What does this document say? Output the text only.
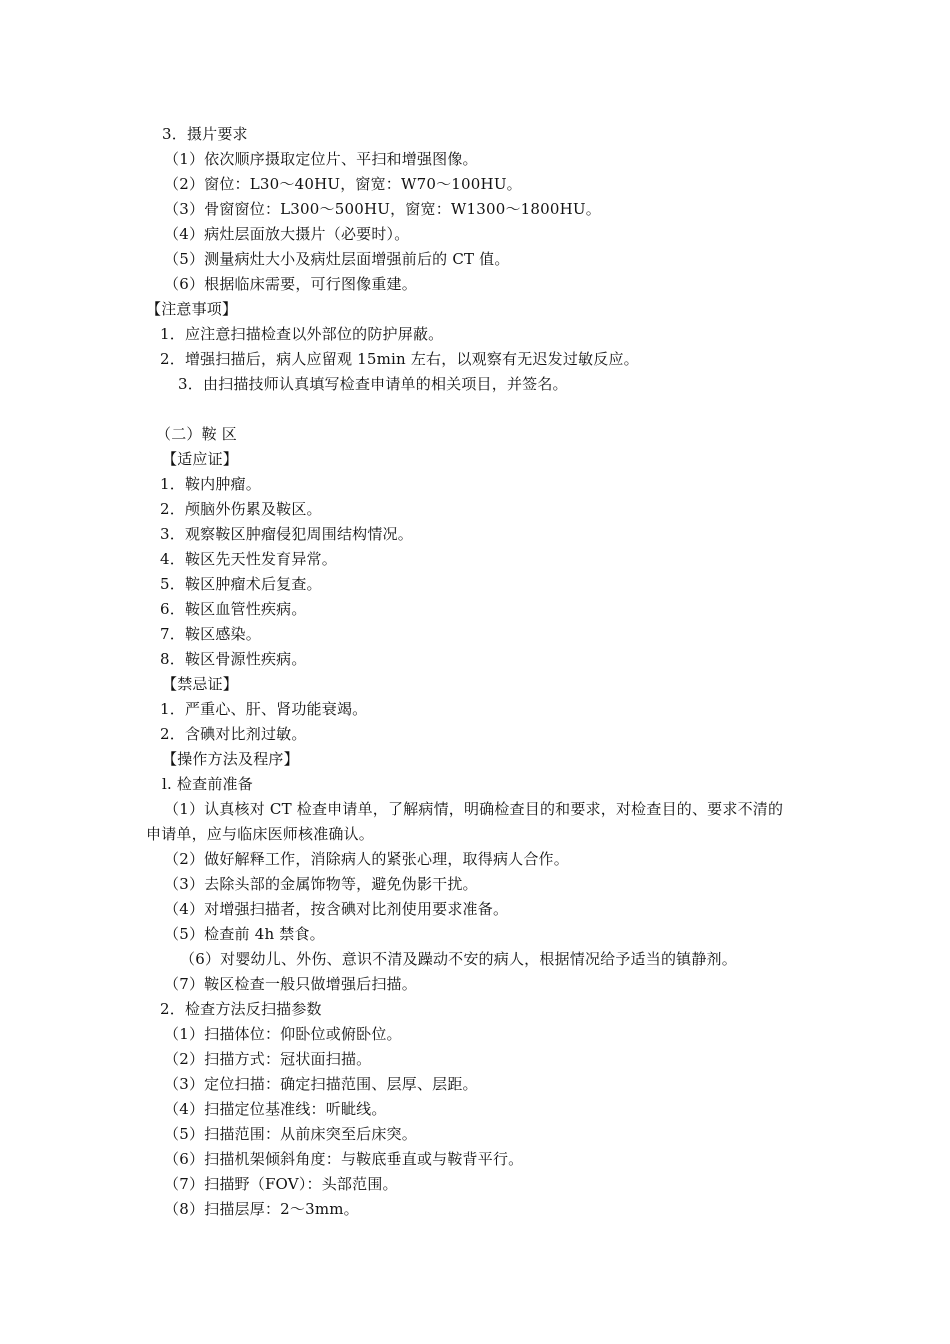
3．摄片要求
（1）依次顺序摄取定位片、平扫和增强图像。
（2）窗位：L30～40HU，窗宽：W70～100HU。
（3）骨窗窗位：L300～500HU，窗宽：W1300～1800HU。
（4）病灶层面放大摄片（必要时）。
（5）测量病灶大小及病灶层面增强前后的 CT 值。
（6）根据临床需要，可行图像重建。
【注意事项】
1．应注意扫描检查以外部位的防护屏蔽。
2．增强扫描后，病人应留观 15min 左右，以观察有无迟发过敏反应。
3．由扫描技师认真填写检查申请单的相关项目，并签名。
（二）鞍 区
【适应证】
1．鞍内肿瘤。
2．颅脑外伤累及鞍区。
3．观察鞍区肿瘤侵犯周围结构情况。
4．鞍区先天性发育异常。
5．鞍区肿瘤术后复查。
6．鞍区血管性疾病。
7．鞍区感染。
8．鞍区骨源性疾病。
【禁忌证】
1．严重心、肝、肾功能衰竭。
2．含碘对比剂过敏。
【操作方法及程序】
l. 检查前准备
（1）认真核对 CT 检查申请单，了解病情，明确检查目的和要求，对检查目的、要求不清的
申请单，应与临床医师核准确认。
（2）做好解释工作，消除病人的紧张心理，取得病人合作。
（3）去除头部的金属饰物等，避免伪影干扰。
（4）对增强扫描者，按含碘对比剂使用要求准备。
（5）检查前 4h 禁食。
（6）对婴幼儿、外伤、意识不清及躁动不安的病人，根据情况给予适当的镇静剂。
（7）鞍区检查一般只做增强后扫描。
2．检查方法反扫描参数
（1）扫描体位：仰卧位或俯卧位。
（2）扫描方式：冠状面扫描。
（3）定位扫描：确定扫描范围、层厚、层距。
（4）扫描定位基准线：听眦线。
（5）扫描范围：从前床突至后床突。
（6）扫描机架倾斜角度：与鞍底垂直或与鞍背平行。
（7）扫描野（FOV）：头部范围。
（8）扫描层厚：2～3mm。
